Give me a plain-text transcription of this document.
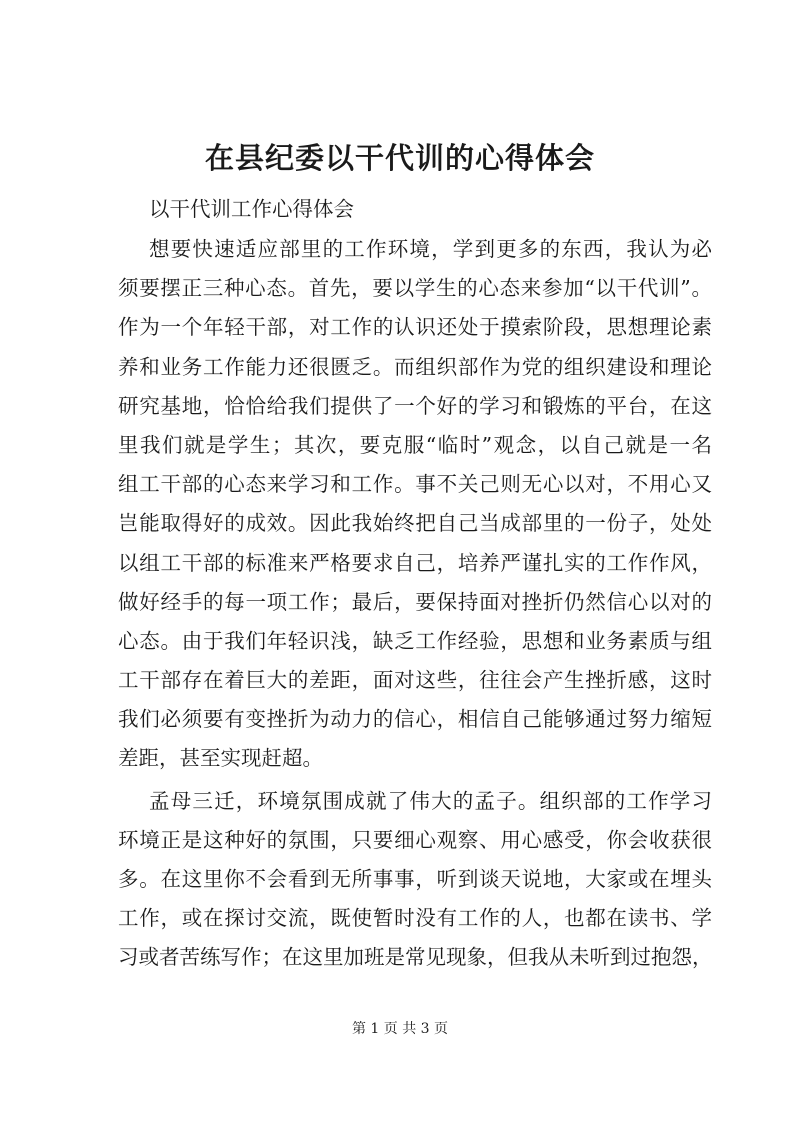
在县纪委以干代训的心得体会

以干代训工作心得体会

想要快速适应部里的工作环境，学到更多的东西，我认为必
须要摆正三种心态。首先，要以学生的心态来参加“以干代训”。
作为一个年轻干部，对工作的认识还处于摸索阶段，思想理论素
养和业务工作能力还很匮乏。而组织部作为党的组织建设和理论
研究基地，恰恰给我们提供了一个好的学习和锻炼的平台，在这
里我们就是学生；其次，要克服“临时”观念，以自己就是一名
组工干部的心态来学习和工作。事不关己则无心以对，不用心又
岂能取得好的成效。因此我始终把自己当成部里的一份子，处处
以组工干部的标准来严格要求自己，培养严谨扎实的工作作风，
做好经手的每一项工作；最后，要保持面对挫折仍然信心以对的
心态。由于我们年轻识浅，缺乏工作经验，思想和业务素质与组
工干部存在着巨大的差距，面对这些，往往会产生挫折感，这时
我们必须要有变挫折为动力的信心，相信自己能够通过努力缩短
差距，甚至实现赶超。
孟母三迁，环境氛围成就了伟大的孟子。组织部的工作学习
环境正是这种好的氛围，只要细心观察、用心感受，你会收获很
多。在这里你不会看到无所事事，听到谈天说地，大家或在埋头
工作，或在探讨交流，既使暂时没有工作的人，也都在读书、学
习或者苦练写作；在这里加班是常见现象，但我从未听到过抱怨，
第 1 页 共 3 页
